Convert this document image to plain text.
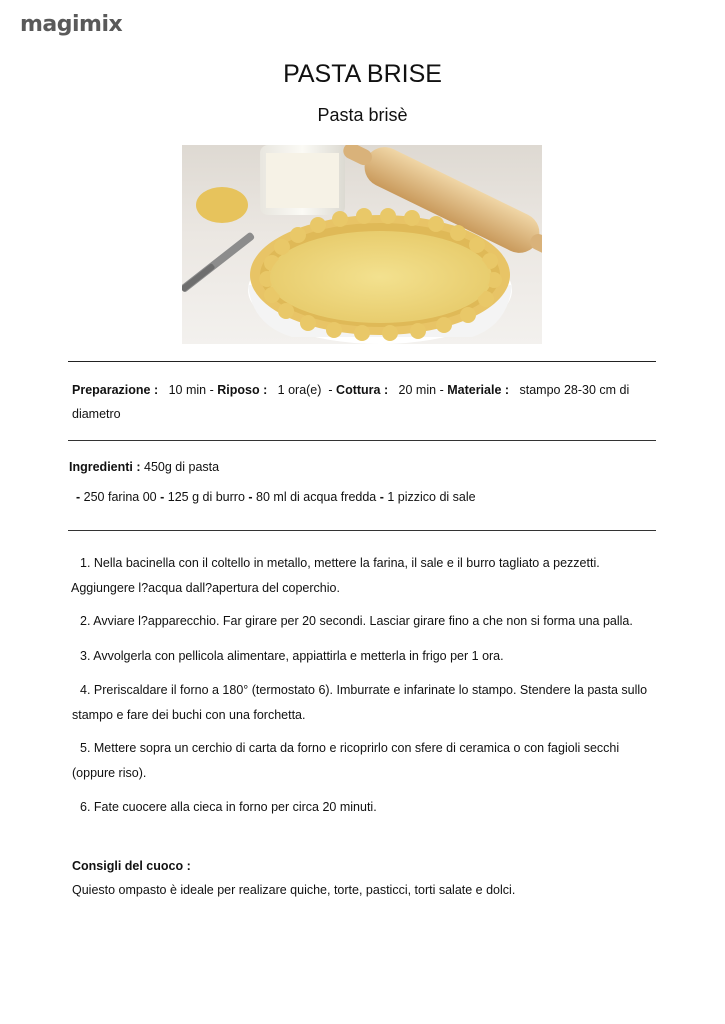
magimix
PASTA BRISE
Pasta brisè
Preparazione : 10 min - Riposo : 1 ora(e) - Cottura : 20 min - Materiale : stampo 28-30 cm di
diametro
Ingredienti : 450g di pasta
- 250 farina 00 - 125 g di burro - 80 ml di acqua fredda - 1 pizzico di sale
1. Nella bacinella con il coltello in metallo, mettere la farina, il sale e il burro tagliato a pezzetti.
Aggiungere l?acqua dall?apertura del coperchio.
2. Avviare l?apparecchio. Far girare per 20 secondi. Lasciar girare fino a che non si forma una palla.
3. Avvolgerla con pellicola alimentare, appiattirla e metterla in frigo per 1 ora.
4. Preriscaldare il forno a 180° (termostato 6). Imburrate e infarinate lo stampo. Stendere la pasta sullo
stampo e fare dei buchi con una forchetta.
5. Mettere sopra un cerchio di carta da forno e ricoprirlo con sfere di ceramica o con fagioli secchi
(oppure riso).
6. Fate cuocere alla cieca in forno per circa 20 minuti.
Consigli del cuoco :
Quiesto ompasto è ideale per realizare quiche, torte, pasticci, torti salate e dolci.
